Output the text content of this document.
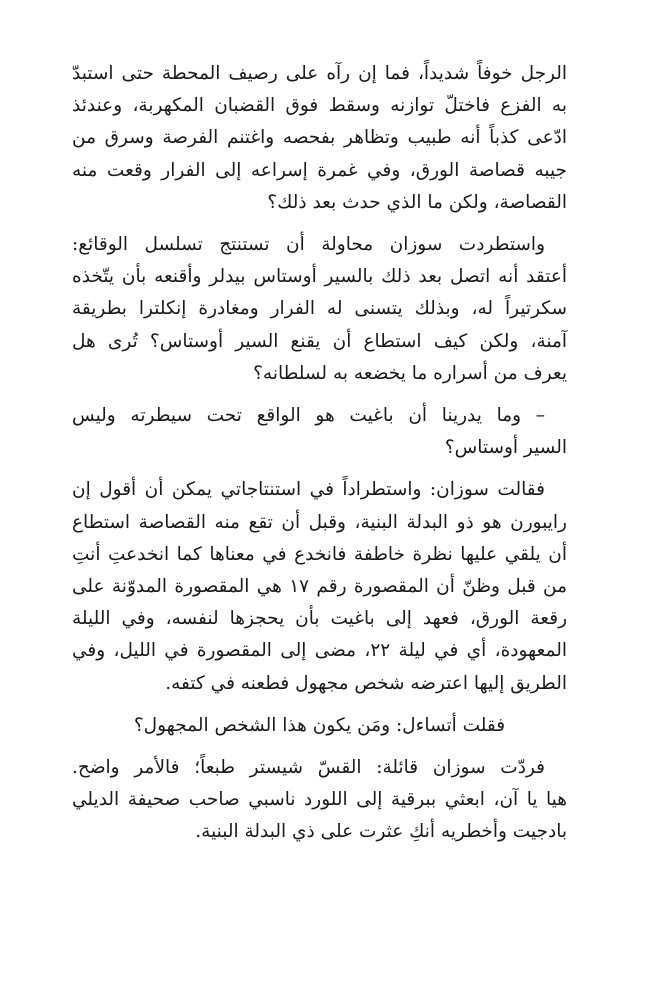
الرجل خوفاً شديداً، فما إن رآه على رصيف المحطة حتى استبدّ
به الفزع فاختلّ توازنه وسقط فوق القضبان المكهربة، وعندئذ
ادّعى كذباً أنه طبيب وتظاهر بفحصه واغتنم الفرصة وسرق من
جيبه قصاصة الورق، وفي غمرة إسراعه إلى الفرار وقعت منه
القصاصة، ولكن ما الذي حدث بعد ذلك؟
واستطردت سوزان محاولة أن تستنتج تسلسل الوقائع:
أعتقد أنه اتصل بعد ذلك بالسير أوستاس بيدلر وأقنعه بأن يتّخذه
سكرتيراً له، وبذلك يتسنى له الفرار ومغادرة إنكلترا بطريقة
آمنة، ولكن كيف استطاع أن يقنع السير أوستاس؟ تُرى هل
يعرف من أسراره ما يخضعه به لسلطانه؟
– وما يدرينا أن باغيت هو الواقع تحت سيطرته وليس
السير أوستاس؟
فقالت سوزان: واستطراداً في استنتاجاتي يمكن أن أقول إن
رايبورن هو ذو البدلة البنية، وقبل أن تقع منه القصاصة استطاع
أن يلقي عليها نظرة خاطفة فانخدع في معناها كما انخدعتِ أنتِ
من قبل وظنّ أن المقصورة رقم ١٧ هي المقصورة المدوّنة على
رقعة الورق، فعهد إلى باغيت بأن يحجزها لنفسه، وفي الليلة
المعهودة، أي في ليلة ٢٢، مضى إلى المقصورة في الليل، وفي
الطريق إليها اعترضه شخص مجهول فطعنه في كتفه.
فقلت أتساءل: ومَن يكون هذا الشخص المجهول؟
فردّت سوزان قائلة: القسّ شيستر طبعاً؛ فالأمر واضح.
هيا يا آن، ابعثي ببرقية إلى اللورد ناسبي صاحب صحيفة الديلي
بادجيت وأخطريه أنكِ عثرت على ذي البدلة البنية.
